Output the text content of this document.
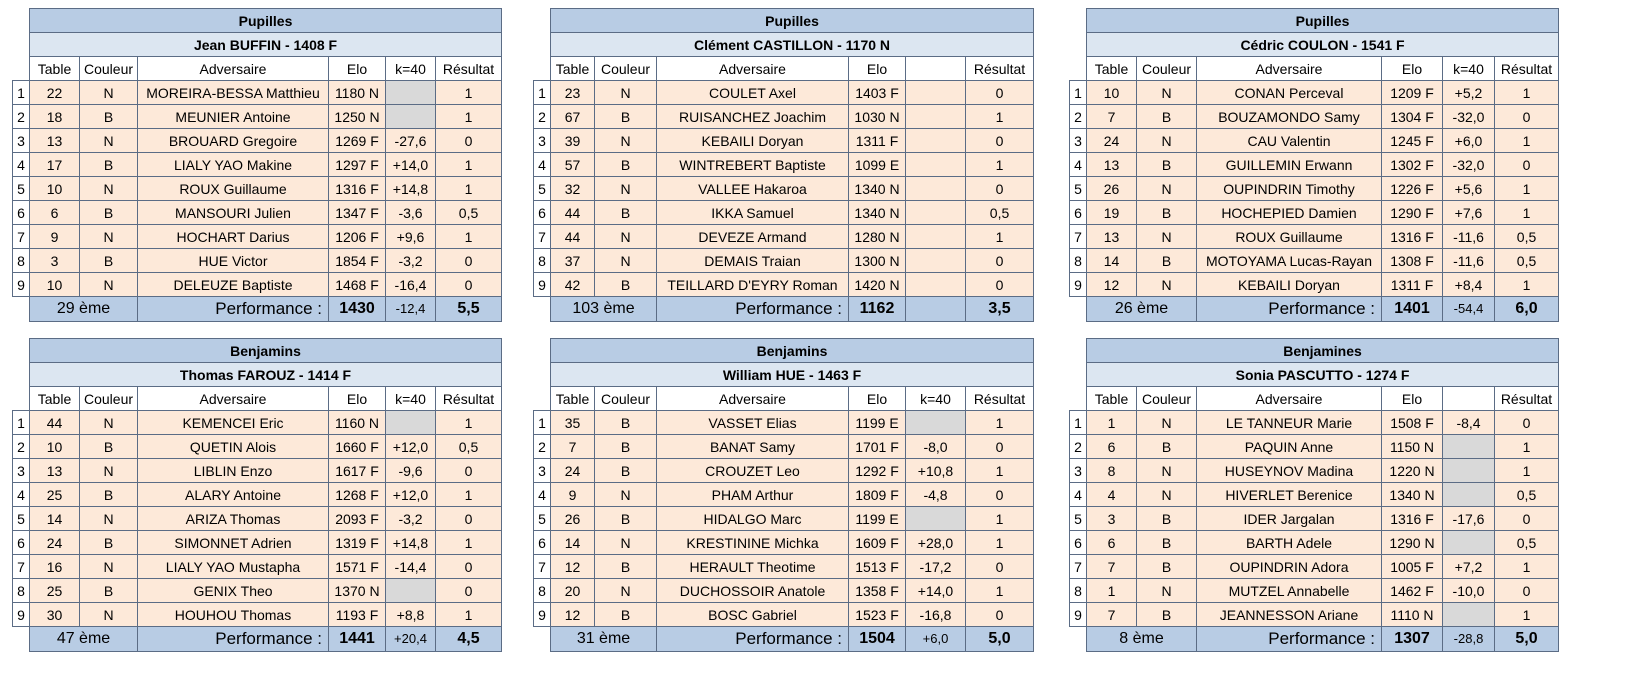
	Pupilles					
	Jean BUFFIN - 1408 F					
	Table	Couleur	Adversaire	Elo	k=40	Résultat
1	22	N	MOREIRA-BESSA Matthieu	1180 N		1
2	18	B	MEUNIER Antoine	1250 N		1
3	13	N	BROUARD Gregoire	1269 F	-27,6	0
4	17	B	LIALY YAO Makine	1297 F	+14,0	1
5	10	N	ROUX Guillaume	1316 F	+14,8	1
6	6	B	MANSOURI Julien	1347 F	-3,6	0,5
7	9	N	HOCHART Darius	1206 F	+9,6	1
8	3	B	HUE Victor	1854 F	-3,2	0
9	10	N	DELEUZE Baptiste	1468 F	-16,4	0
	29 ème		Performance :	1430	-12,4	5,5
	Pupilles					
	Clément CASTILLON - 1170 N					
	Table	Couleur	Adversaire	Elo		Résultat
1	23	N	COULET Axel	1403 F		0
2	67	B	RUISANCHEZ Joachim	1030 N		1
3	39	N	KEBAILI Doryan	1311 F		0
4	57	B	WINTREBERT Baptiste	1099 E		1
5	32	N	VALLEE Hakaroa	1340 N		0
6	44	B	IKKA Samuel	1340 N		0,5
7	44	N	DEVEZE Armand	1280 N		1
8	37	N	DEMAIS Traian	1300 N		0
9	42	B	TEILLARD D'EYRY Roman	1420 N		0
	103 ème		Performance :	1162		3,5
	Pupilles					
	Cédric COULON - 1541 F					
	Table	Couleur	Adversaire	Elo	k=40	Résultat
1	10	N	CONAN Perceval	1209 F	+5,2	1
2	7	B	BOUZAMONDO Samy	1304 F	-32,0	0
3	24	N	CAU Valentin	1245 F	+6,0	1
4	13	B	GUILLEMIN Erwann	1302 F	-32,0	0
5	26	N	OUPINDRIN Timothy	1226 F	+5,6	1
6	19	B	HOCHEPIED Damien	1290 F	+7,6	1
7	13	N	ROUX Guillaume	1316 F	-11,6	0,5
8	14	B	MOTOYAMA Lucas-Rayan	1308 F	-11,6	0,5
9	12	N	KEBAILI Doryan	1311 F	+8,4	1
	26 ème		Performance :	1401	-54,4	6,0
	Benjamins					
	Thomas FAROUZ - 1414 F					
	Table	Couleur	Adversaire	Elo	k=40	Résultat
1	44	N	KEMENCEI Eric	1160 N		1
2	10	B	QUETIN Alois	1660 F	+12,0	0,5
3	13	N	LIBLIN Enzo	1617 F	-9,6	0
4	25	B	ALARY Antoine	1268 F	+12,0	1
5	14	N	ARIZA Thomas	2093 F	-3,2	0
6	24	B	SIMONNET Adrien	1319 F	+14,8	1
7	16	N	LIALY YAO Mustapha	1571 F	-14,4	0
8	25	B	GENIX Theo	1370 N		0
9	30	N	HOUHOU Thomas	1193 F	+8,8	1
	47 ème		Performance :	1441	+20,4	4,5
	Benjamins					
	William HUE - 1463 F					
	Table	Couleur	Adversaire	Elo	k=40	Résultat
1	35	B	VASSET Elias	1199 E		1
2	7	B	BANAT Samy	1701 F	-8,0	0
3	24	B	CROUZET Leo	1292 F	+10,8	1
4	9	N	PHAM Arthur	1809 F	-4,8	0
5	26	B	HIDALGO Marc	1199 E		1
6	14	N	KRESTININE Michka	1609 F	+28,0	1
7	12	B	HERAULT Theotime	1513 F	-17,2	0
8	20	N	DUCHOSSOIR Anatole	1358 F	+14,0	1
9	12	B	BOSC Gabriel	1523 F	-16,8	0
	31 ème		Performance :	1504	+6,0	5,0
	Benjamines					
	Sonia PASCUTTO - 1274 F					
	Table	Couleur	Adversaire	Elo		Résultat
1	1	N	LE TANNEUR Marie	1508 F	-8,4	0
2	6	B	PAQUIN Anne	1150 N		1
3	8	N	HUSEYNOV Madina	1220 N		1
4	4	N	HIVERLET Berenice	1340 N		0,5
5	3	B	IDER Jargalan	1316 F	-17,6	0
6	6	B	BARTH Adele	1290 N		0,5
7	7	B	OUPINDRIN Adora	1005 F	+7,2	1
8	1	N	MUTZEL Annabelle	1462 F	-10,0	0
9	7	B	JEANNESSON Ariane	1110 N		1
	8 ème		Performance :	1307	-28,8	5,0
